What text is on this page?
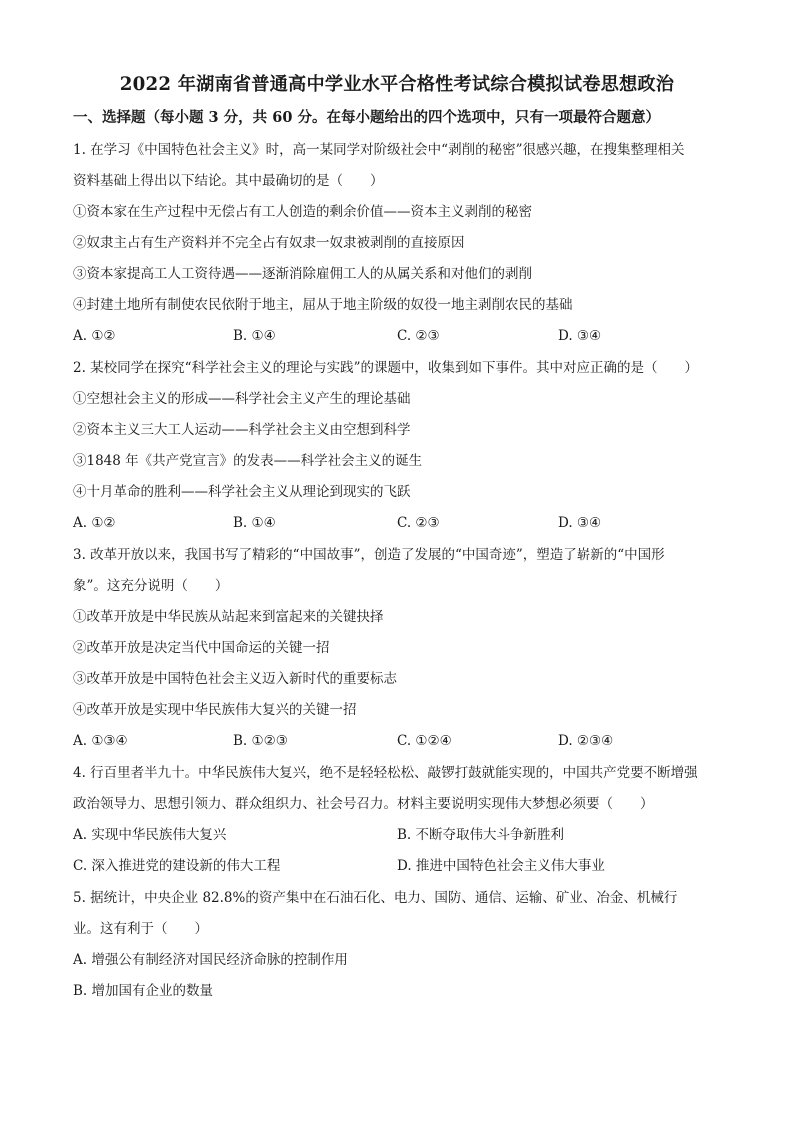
2022 年湖南省普通高中学业水平合格性考试综合模拟试卷思想政治
一、选择题（每小题 3 分，共 60 分。在每小题给出的四个选项中，只有一项最符合题意）
1. 在学习《中国特色社会主义》时，高一某同学对阶级社会中“剥削的秘密”很感兴趣，在搜集整理相关
资料基础上得出以下结论。其中最确切的是（　　）
①资本家在生产过程中无偿占有工人创造的剩余价值——资本主义剥削的秘密
②奴隶主占有生产资料并不完全占有奴隶一奴隶被剥削的直接原因
③资本家提高工人工资待遇——逐渐消除雇佣工人的从属关系和对他们的剥削
④封建土地所有制使农民依附于地主，屈从于地主阶级的奴役一地主剥削农民的基础
A. ①②	B. ①④	C. ②③	D. ③④
2. 某校同学在探究“科学社会主义的理论与实践”的课题中，收集到如下事件。其中对应正确的是（　　）
①空想社会主义的形成——科学社会主义产生的理论基础
②资本主义三大工人运动——科学社会主义由空想到科学
③1848 年《共产党宣言》的发表——科学社会主义的诞生
④十月革命的胜利——科学社会主义从理论到现实的飞跃
A. ①②	B. ①④	C. ②③	D. ③④
3. 改革开放以来，我国书写了精彩的“中国故事”，创造了发展的“中国奇迹”，塑造了崭新的“中国形
象”。这充分说明（　　）
①改革开放是中华民族从站起来到富起来的关键抉择
②改革开放是决定当代中国命运的关键一招
③改革开放是中国特色社会主义迈入新时代的重要标志
④改革开放是实现中华民族伟大复兴的关键一招
A. ①③④	B. ①②③	C. ①②④	D. ②③④
4. 行百里者半九十。中华民族伟大复兴，绝不是轻轻松松、敲锣打鼓就能实现的，中国共产党要不断增强
政治领导力、思想引领力、群众组织力、社会号召力。材料主要说明实现伟大梦想必须要（　　）
A. 实现中华民族伟大复兴	B. 不断夺取伟大斗争新胜利
C. 深入推进党的建设新的伟大工程	D. 推进中国特色社会主义伟大事业
5. 据统计，中央企业 82.8%的资产集中在石油石化、电力、国防、通信、运输、矿业、冶金、机械行
业。这有利于（　　）
A. 增强公有制经济对国民经济命脉的控制作用
B. 增加国有企业的数量
